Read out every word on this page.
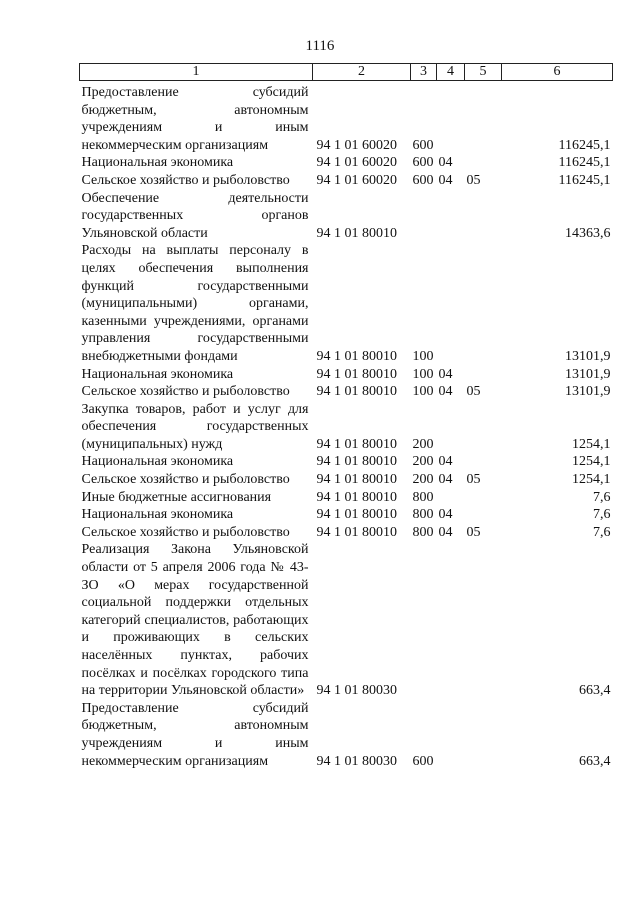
1116
1	2	3	4	5	6
Предоставление субсидий бюджетным, автономным учреждениям и иным некоммерческим организациям	94 1 01 60020	600			116245,1
Национальная экономика	94 1 01 60020	600	04		116245,1
Сельское хозяйство и рыболовство	94 1 01 60020	600	04	05	116245,1
Обеспечение деятельности государственных органов Ульяновской области	94 1 01 80010				14363,6
Расходы на выплаты персоналу в целях обеспечения выполнения функций государственными (муниципальными) органами, казенными учреждениями, органами управления государственными внебюджетными фондами	94 1 01 80010	100			13101,9
Национальная экономика	94 1 01 80010	100	04		13101,9
Сельское хозяйство и рыболовство	94 1 01 80010	100	04	05	13101,9
Закупка товаров, работ и услуг для обеспечения государственных (муниципальных) нужд	94 1 01 80010	200			1254,1
Национальная экономика	94 1 01 80010	200	04		1254,1
Сельское хозяйство и рыболовство	94 1 01 80010	200	04	05	1254,1
Иные бюджетные ассигнования	94 1 01 80010	800			7,6
Национальная экономика	94 1 01 80010	800	04		7,6
Сельское хозяйство и рыболовство	94 1 01 80010	800	04	05	7,6
Реализация Закона Ульяновской области от 5 апреля 2006 года № 43-ЗО «О мерах государственной социальной поддержки отдельных категорий специалистов, работающих и проживающих в сельских населённых пунктах, рабочих посёлках и посёлках городского типа на территории Ульяновской области»	94 1 01 80030				663,4
Предоставление субсидий бюджетным, автономным учреждениям и иным некоммерческим организациям	94 1 01 80030	600			663,4
